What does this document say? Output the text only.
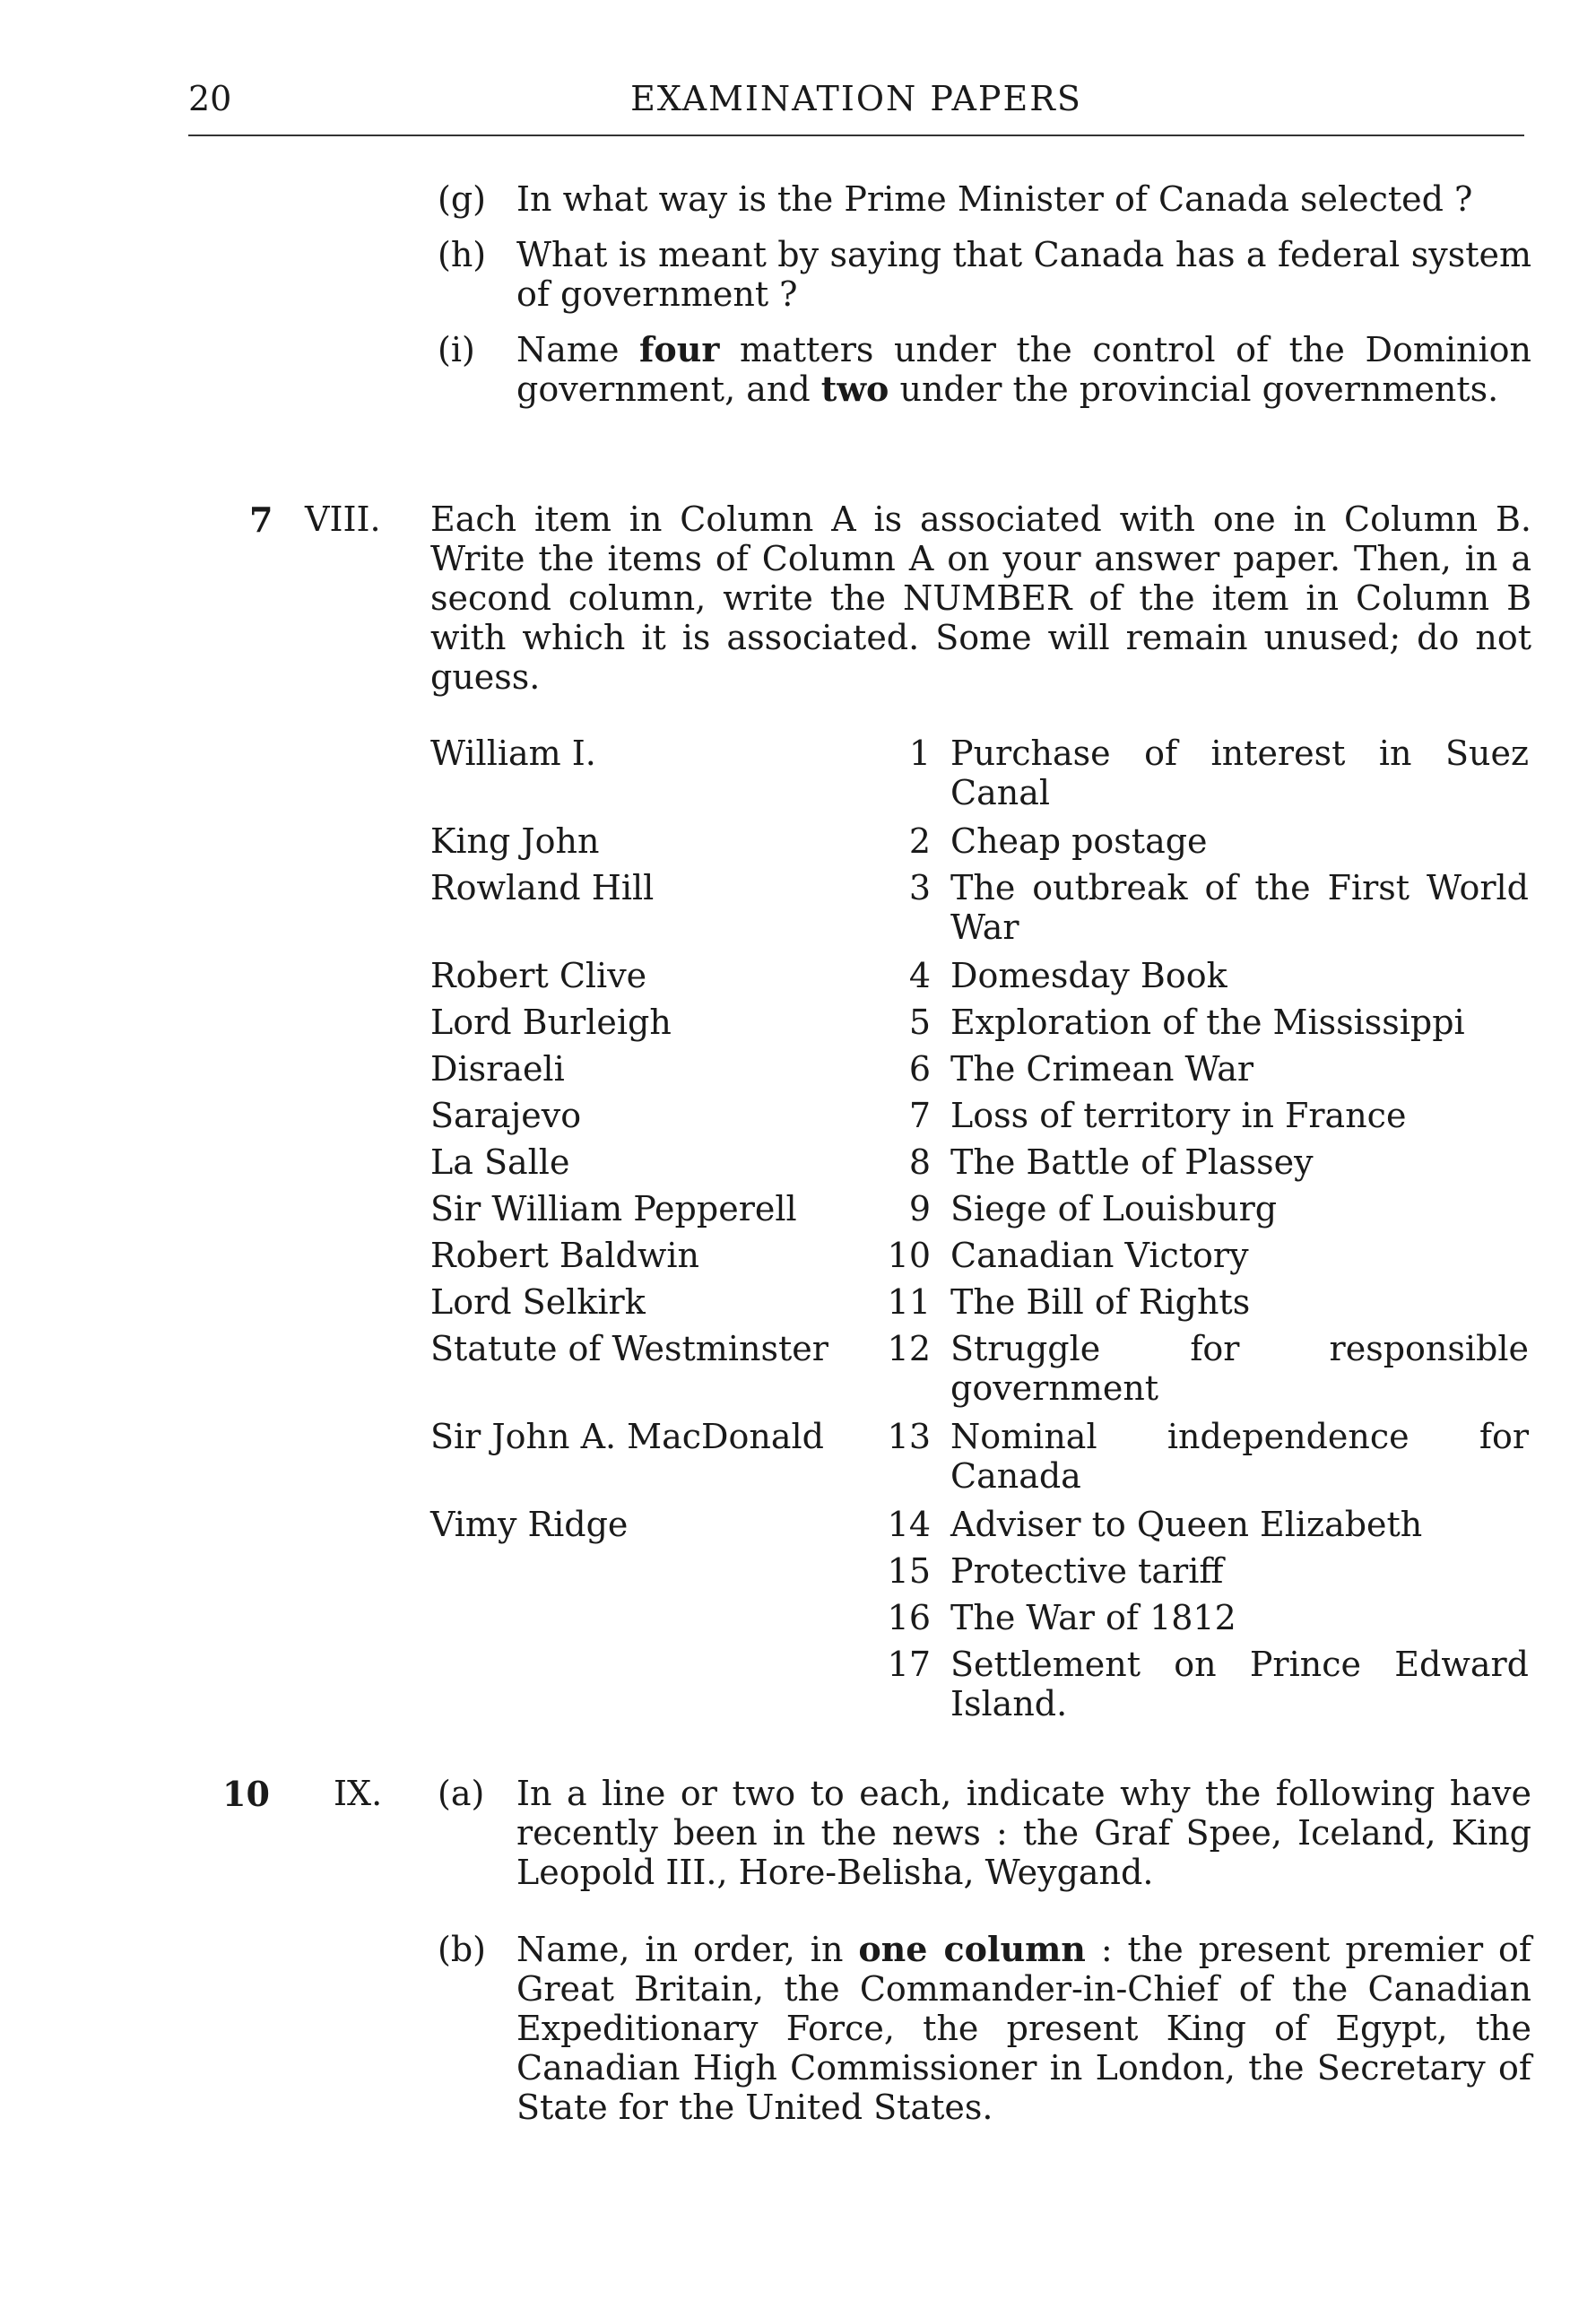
20	EXAMINATION PAPERS
(g) In what way is the Prime Minister of Canada selected ?
(h) What is meant by saying that Canada has a federal system of government ?
(i) Name four matters under the control of the Dominion government, and two under the provincial governments.
7 VIII. Each item in Column A is associated with one in Column B. Write the items of Column A on your answer paper. Then, in a second column, write the NUMBER of the item in Column B with which it is associated. Some will remain unused; do not guess.
William I.
King John
Rowland Hill
Robert Clive
Lord Burleigh
Disraeli
Sarajevo
La Salle
Sir William Pepperell
Robert Baldwin
Lord Selkirk
Statute of Westminster
Sir John A. MacDonald
Vimy Ridge
1 Purchase of interest in Suez Canal
2 Cheap postage
3 The outbreak of the First World War
4 Domesday Book
5 Exploration of the Mississippi
6 The Crimean War
7 Loss of territory in France
8 The Battle of Plassey
9 Siege of Louisburg
10 Canadian Victory
11 The Bill of Rights
12 Struggle for responsible government
13 Nominal independence for Canada
14 Adviser to Queen Elizabeth
15 Protective tariff
16 The War of 1812
17 Settlement on Prince Edward Island.
10 IX. (a) In a line or two to each, indicate why the following have recently been in the news : the Graf Spee, Iceland, King Leopold III., Hore-Belisha, Weygand.
(b) Name, in order, in one column : the present premier of Great Britain, the Commander-in-Chief of the Canadian Expeditionary Force, the present King of Egypt, the Canadian High Commissioner in London, the Secretary of State for the United States.
